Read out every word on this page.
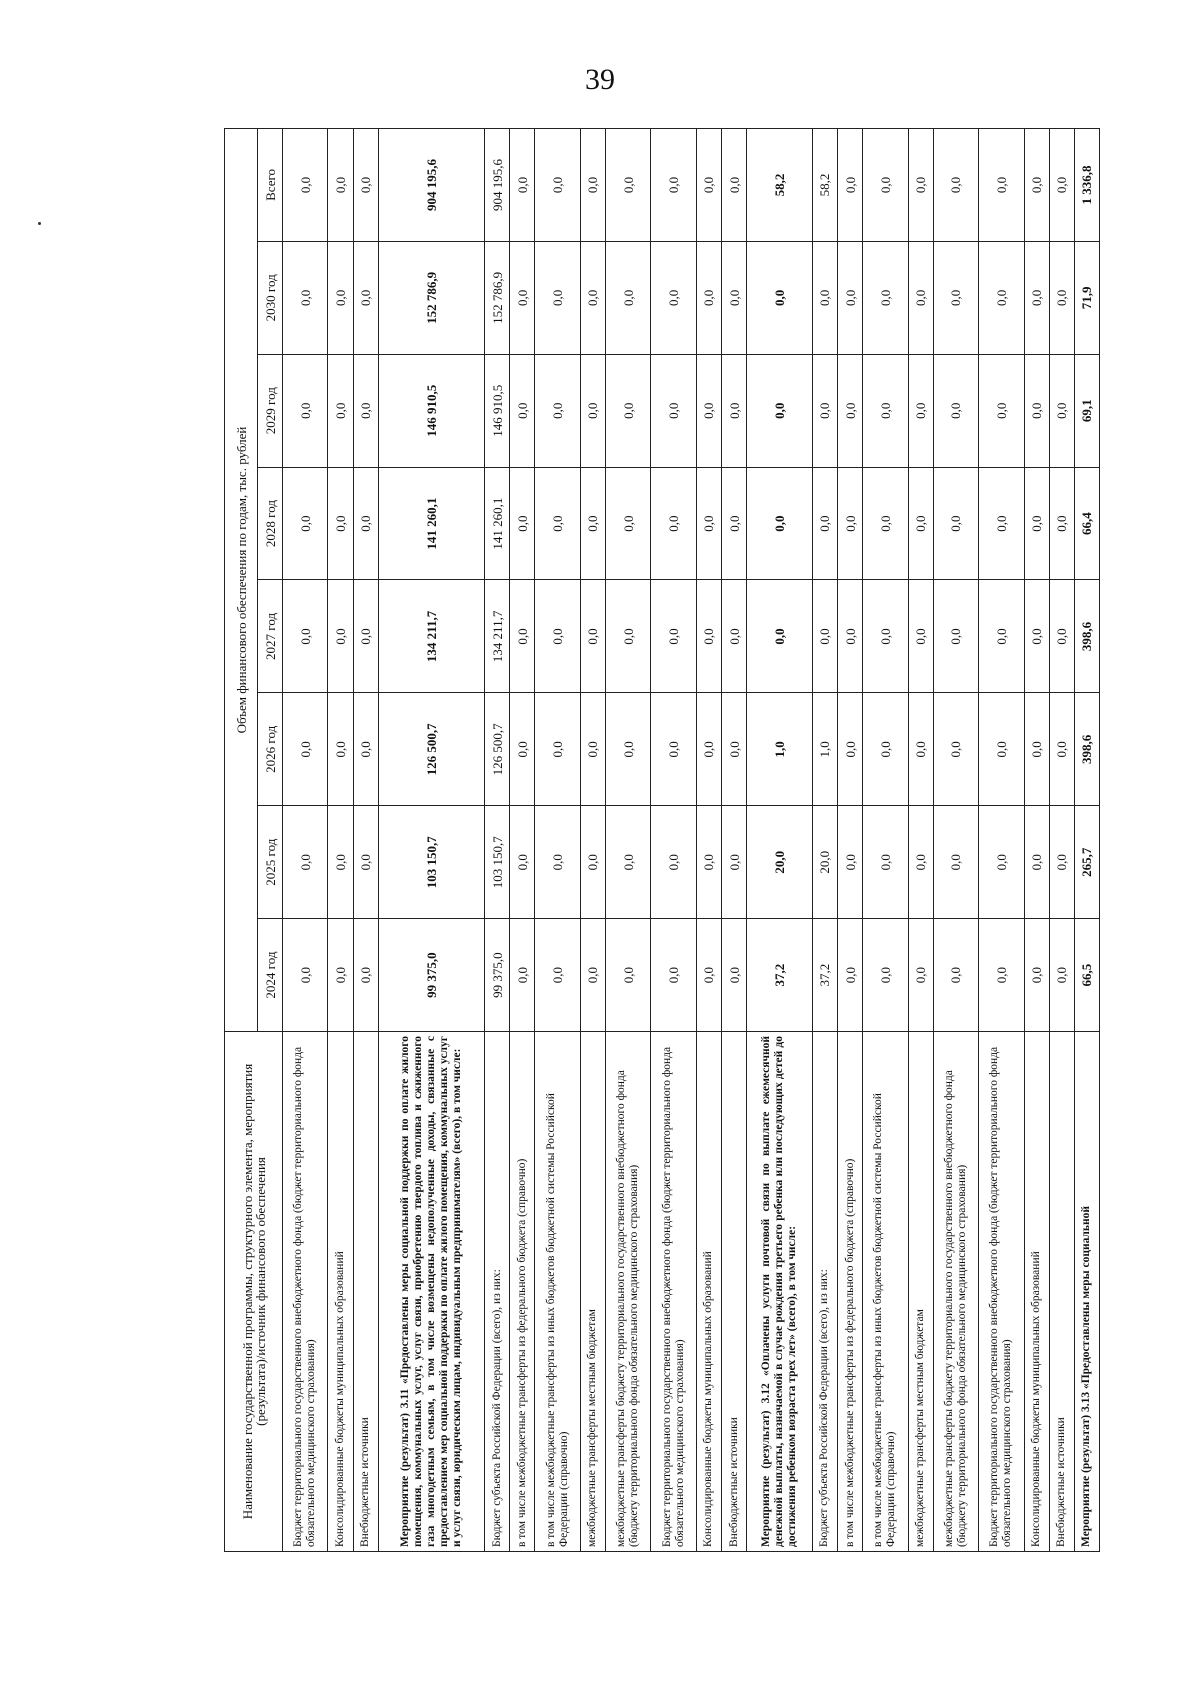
39
Наименование государственной программы, структурного элемента, мероприятия (результата)/источник финансового обеспечения	Объем финансового обеспечения по годам, тыс. рублей							
	2024 год	2025 год	2026 год	2027 год	2028 год	2029 год	2030 год	Всего
Бюджет территориального государственного внебюджетного фонда (бюджет территориального фонда обязательного медицинского страхования)	0,0	0,0	0,0	0,0	0,0	0,0	0,0	0,0
Консолидированные бюджеты муниципальных образований	0,0	0,0	0,0	0,0	0,0	0,0	0,0	0,0
Внебюджетные источники	0,0	0,0	0,0	0,0	0,0	0,0	0,0	0,0
Мероприятие (результат) 3.11 «Предоставлены меры социальной поддержки по оплате жилого помещения, коммунальных услуг, услуг связи, приобретению твердого топлива и сжиженного газа многодетным семьям, в том числе возмещены недополученные доходы, связанные с предоставлением мер социальной поддержки по оплате жилого помещения, коммунальных услуг и услуг связи, юридическим лицам, индивидуальным предпринимателям» (всего), в том числе:	99 375,0	103 150,7	126 500,7	134 211,7	141 260,1	146 910,5	152 786,9	904 195,6
Бюджет субъекта Российской Федерации (всего), из них:	99 375,0	103 150,7	126 500,7	134 211,7	141 260,1	146 910,5	152 786,9	904 195,6
в том числе межбюджетные трансферты из федерального бюджета (справочно)	0,0	0,0	0,0	0,0	0,0	0,0	0,0	0,0
в том числе межбюджетные трансферты из иных бюджетов бюджетной системы Российской Федерации (справочно)	0,0	0,0	0,0	0,0	0,0	0,0	0,0	0,0
межбюджетные трансферты местным бюджетам	0,0	0,0	0,0	0,0	0,0	0,0	0,0	0,0
межбюджетные трансферты бюджету территориального государственного внебюджетного фонда (бюджету территориального фонда обязательного медицинского страхования)	0,0	0,0	0,0	0,0	0,0	0,0	0,0	0,0
Бюджет территориального государственного внебюджетного фонда (бюджет территориального фонда обязательного медицинского страхования)	0,0	0,0	0,0	0,0	0,0	0,0	0,0	0,0
Консолидированные бюджеты муниципальных образований	0,0	0,0	0,0	0,0	0,0	0,0	0,0	0,0
Внебюджетные источники	0,0	0,0	0,0	0,0	0,0	0,0	0,0	0,0
Мероприятие (результат) 3.12 «Оплачены услуги почтовой связи по выплате ежемесячной денежной выплаты, назначаемой в случае рождения третьего ребенка или последующих детей до достижения ребенком возраста трех лет» (всего), в том числе:	37,2	20,0	1,0	0,0	0,0	0,0	0,0	58,2
Бюджет субъекта Российской Федерации (всего), из них:	37,2	20,0	1,0	0,0	0,0	0,0	0,0	58,2
в том числе межбюджетные трансферты из федерального бюджета (справочно)	0,0	0,0	0,0	0,0	0,0	0,0	0,0	0,0
в том числе межбюджетные трансферты из иных бюджетов бюджетной системы Российской Федерации (справочно)	0,0	0,0	0,0	0,0	0,0	0,0	0,0	0,0
межбюджетные трансферты местным бюджетам	0,0	0,0	0,0	0,0	0,0	0,0	0,0	0,0
межбюджетные трансферты бюджету территориального государственного внебюджетного фонда (бюджету территориального фонда обязательного медицинского страхования)	0,0	0,0	0,0	0,0	0,0	0,0	0,0	0,0
Бюджет территориального государственного внебюджетного фонда (бюджет территориального фонда обязательного медицинского страхования)	0,0	0,0	0,0	0,0	0,0	0,0	0,0	0,0
Консолидированные бюджеты муниципальных образований	0,0	0,0	0,0	0,0	0,0	0,0	0,0	0,0
Внебюджетные источники	0,0	0,0	0,0	0,0	0,0	0,0	0,0	0,0
Мероприятие (результат) 3.13 «Предоставлены меры социальной	66,5	265,7	398,6	398,6	66,4	69,1	71,9	1 336,8
